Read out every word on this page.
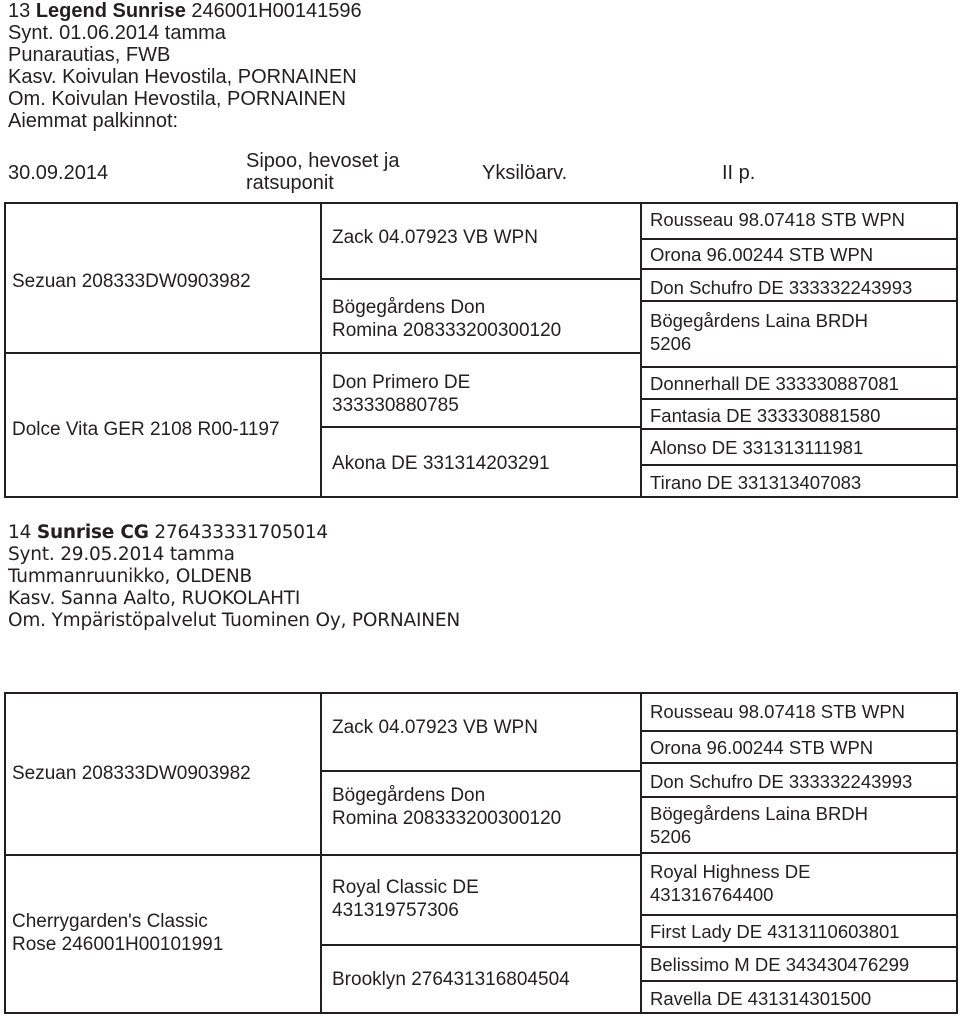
13 Legend Sunrise 246001H00141596
Synt. 01.06.2014 tamma
Punarautias, FWB
Kasv. Koivulan Hevostila, PORNAINEN
Om. Koivulan Hevostila, PORNAINEN
Aiemmat palkinnot:
30.09.2014
Sipoo, hevoset ja ratsuponit	Yksilöarv.	II p.
Sezuan 208333DW0903982
Dolce Vita GER 2108 R00-1197
Zack 04.07923 VB WPN
Bögegårdens Don
Romina 208333200300120
Don Primero DE
333330880785
Akona DE 331314203291
Rousseau 98.07418 STB WPN
Orona 96.00244 STB WPN
Don Schufro DE 333332243993
Bögegårdens Laina BRDH
5206
Donnerhall DE 333330887081
Fantasia DE 333330881580
Alonso DE 331313111981
Tirano DE 331313407083
14 Sunrise CG 276433331705014
Synt. 29.05.2014 tamma
Tummanruunikko, OLDENB
Kasv. Sanna Aalto, RUOKOLAHTI
Om. Ympäristöpalvelut Tuominen Oy, PORNAINEN
Sezuan 208333DW0903982
Cherrygarden's Classic
Rose 246001H00101991
Zack 04.07923 VB WPN
Bögegårdens Don
Romina 208333200300120
Royal Classic DE
431319757306
Brooklyn 276431316804504
Rousseau 98.07418 STB WPN
Orona 96.00244 STB WPN
Don Schufro DE 333332243993
Bögegårdens Laina BRDH
5206
Royal Highness DE
431316764400
First Lady DE 4313110603801
Belissimo M DE 343430476299
Ravella DE 431314301500
